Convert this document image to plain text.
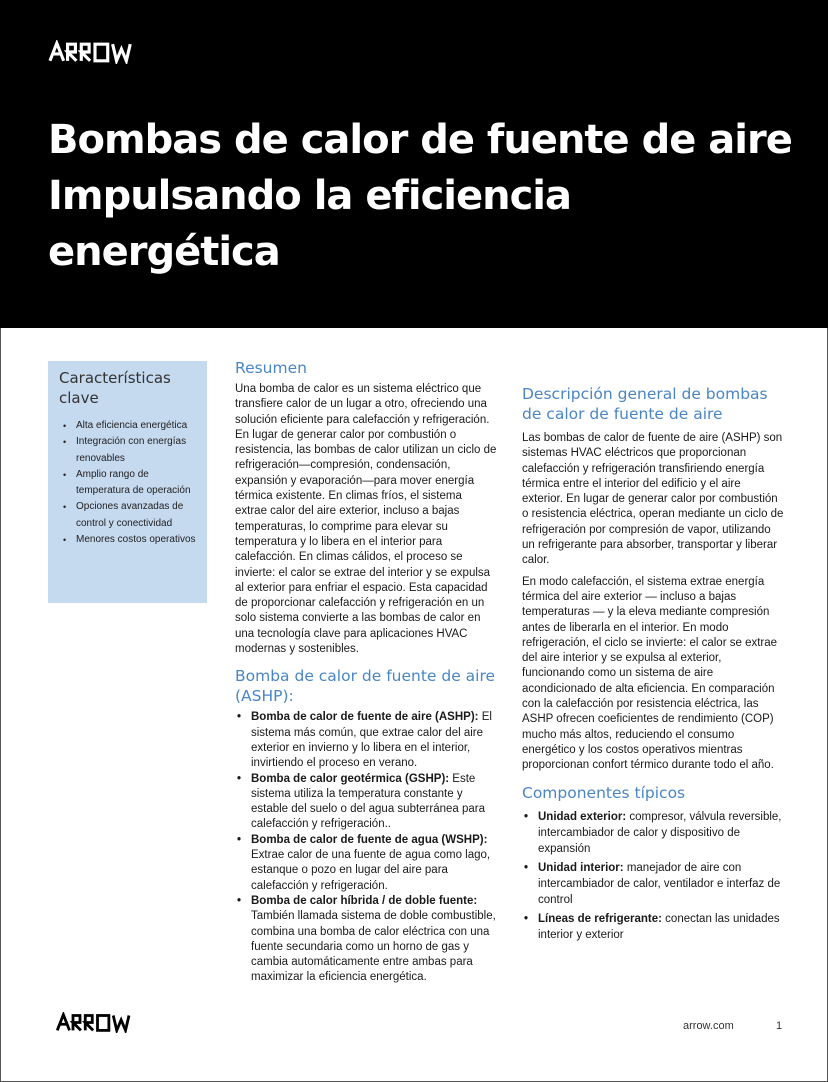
Bombas de calor de fuente de aire
Impulsando la eficiencia
energética
Características clave
• Alta eficiencia energética
• Integración con energías renovables
• Amplio rango de temperatura de operación
• Opciones avanzadas de control y conectividad
• Menores costos operativos
Resumen

Una bomba de calor es un sistema eléctrico que transfiere calor de un lugar a otro, ofreciendo una solución eficiente para calefacción y refrigeración. En lugar de generar calor por combustión o resistencia, las bombas de calor utilizan un ciclo de refrigeración—compresión, condensación, expansión y evaporación—para mover energía térmica existente. En climas fríos, el sistema extrae calor del aire exterior, incluso a bajas temperaturas, lo comprime para elevar su temperatura y lo libera en el interior para calefacción. En climas cálidos, el proceso se invierte: el calor se extrae del interior y se expulsa al exterior para enfriar el espacio. Esta capacidad de proporcionar calefacción y refrigeración en un solo sistema convierte a las bombas de calor en una tecnología clave para aplicaciones HVAC modernas y sostenibles.

Bomba de calor de fuente de aire (ASHP):
• Bomba de calor de fuente de aire (ASHP): El sistema más común, que extrae calor del aire exterior en invierno y lo libera en el interior, invirtiendo el proceso en verano.
• Bomba de calor geotérmica (GSHP): Este sistema utiliza la temperatura constante y estable del suelo o del agua subterránea para calefacción y refrigeración..
• Bomba de calor de fuente de agua (WSHP): Extrae calor de una fuente de agua como lago, estanque o pozo en lugar del aire para calefacción y refrigeración.
• Bomba de calor híbrida / de doble fuente: También llamada sistema de doble combustible, combina una bomba de calor eléctrica con una fuente secundaria como un horno de gas y cambia automáticamente entre ambas para maximizar la eficiencia energética.
Descripción general de bombas de calor de fuente de aire

Las bombas de calor de fuente de aire (ASHP) son sistemas HVAC eléctricos que proporcionan calefacción y refrigeración transfiriendo energía térmica entre el interior del edificio y el aire exterior. En lugar de generar calor por combustión o resistencia eléctrica, operan mediante un ciclo de refrigeración por compresión de vapor, utilizando un refrigerante para absorber, transportar y liberar calor.

En modo calefacción, el sistema extrae energía térmica del aire exterior — incluso a bajas temperaturas — y la eleva mediante compresión antes de liberarla en el interior. En modo refrigeración, el ciclo se invierte: el calor se extrae del aire interior y se expulsa al exterior, funcionando como un sistema de aire acondicionado de alta eficiencia. En comparación con la calefacción por resistencia eléctrica, las ASHP ofrecen coeficientes de rendimiento (COP) mucho más altos, reduciendo el consumo energético y los costos operativos mientras proporcionan confort térmico durante todo el año.

Componentes típicos
• Unidad exterior: compresor, válvula reversible, intercambiador de calor y dispositivo de expansión
• Unidad interior: manejador de aire con intercambiador de calor, ventilador e interfaz de control
• Líneas de refrigerante: conectan las unidades interior y exterior
arrow.com	1
